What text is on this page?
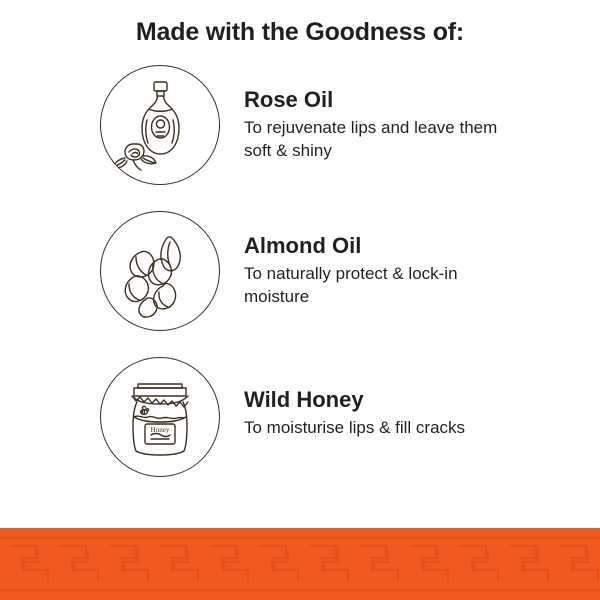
Made with the Goodness of:
Rose Oil
To rejuvenate lips and leave them soft & shiny
Almond Oil
To naturally protect & lock-in moisture
Honey
Wild Honey
To moisturise lips & fill cracks
